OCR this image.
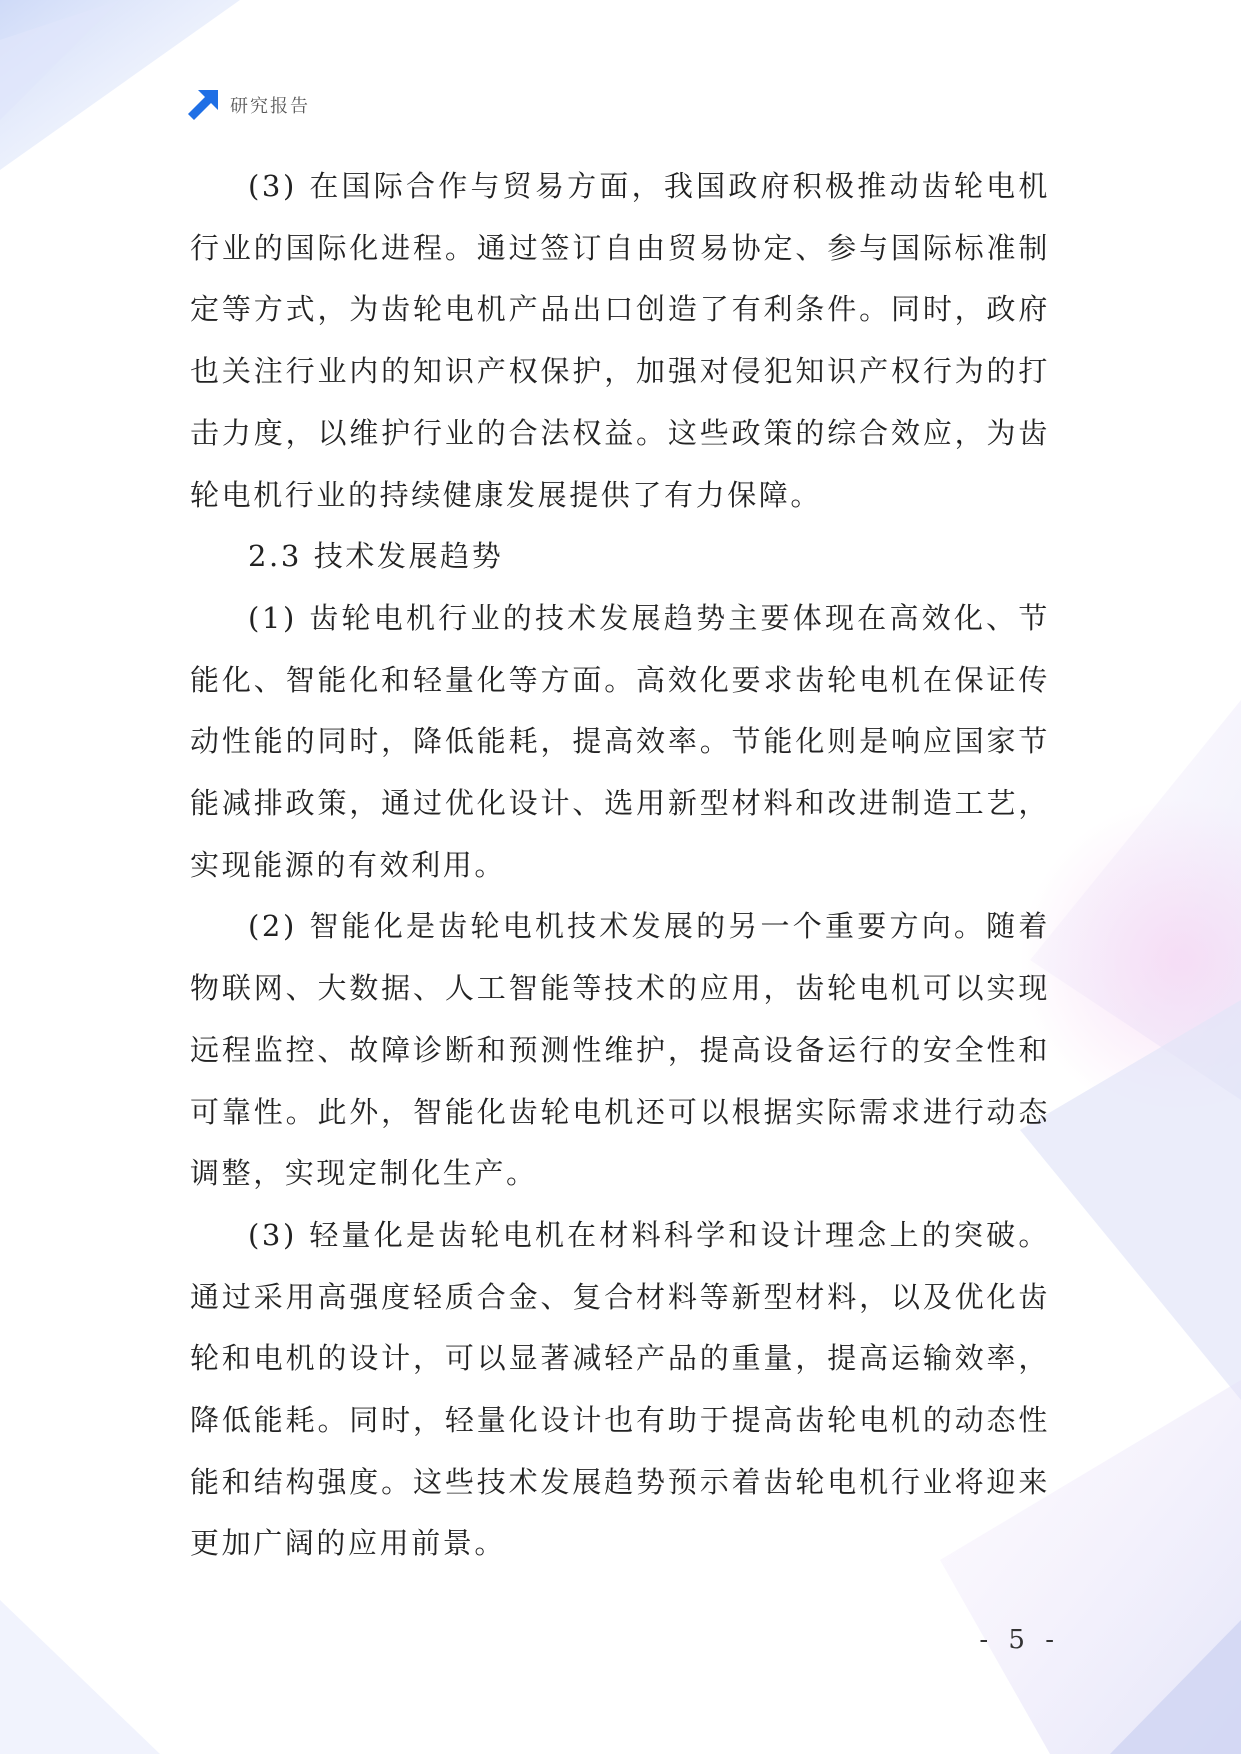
研究报告

(3) 在国际合作与贸易方面，我国政府积极推动齿轮电机行业的国际化进程。通过签订自由贸易协定、参与国际标准制定等方式，为齿轮电机产品出口创造了有利条件。同时，政府也关注行业内的知识产权保护，加强对侵犯知识产权行为的打击力度，以维护行业的合法权益。这些政策的综合效应，为齿轮电机行业的持续健康发展提供了有力保障。

2.3 技术发展趋势

(1) 齿轮电机行业的技术发展趋势主要体现在高效化、节能化、智能化和轻量化等方面。高效化要求齿轮电机在保证传动性能的同时，降低能耗，提高效率。节能化则是响应国家节能减排政策，通过优化设计、选用新型材料和改进制造工艺，实现能源的有效利用。

(2) 智能化是齿轮电机技术发展的另一个重要方向。随着物联网、大数据、人工智能等技术的应用，齿轮电机可以实现远程监控、故障诊断和预测性维护，提高设备运行的安全性和可靠性。此外，智能化齿轮电机还可以根据实际需求进行动态调整，实现定制化生产。

(3) 轻量化是齿轮电机在材料科学和设计理念上的突破。通过采用高强度轻质合金、复合材料等新型材料，以及优化齿轮和电机的设计，可以显著减轻产品的重量，提高运输效率，降低能耗。同时，轻量化设计也有助于提高齿轮电机的动态性能和结构强度。这些技术发展趋势预示着齿轮电机行业将迎来更加广阔的应用前景。

- 5 -
